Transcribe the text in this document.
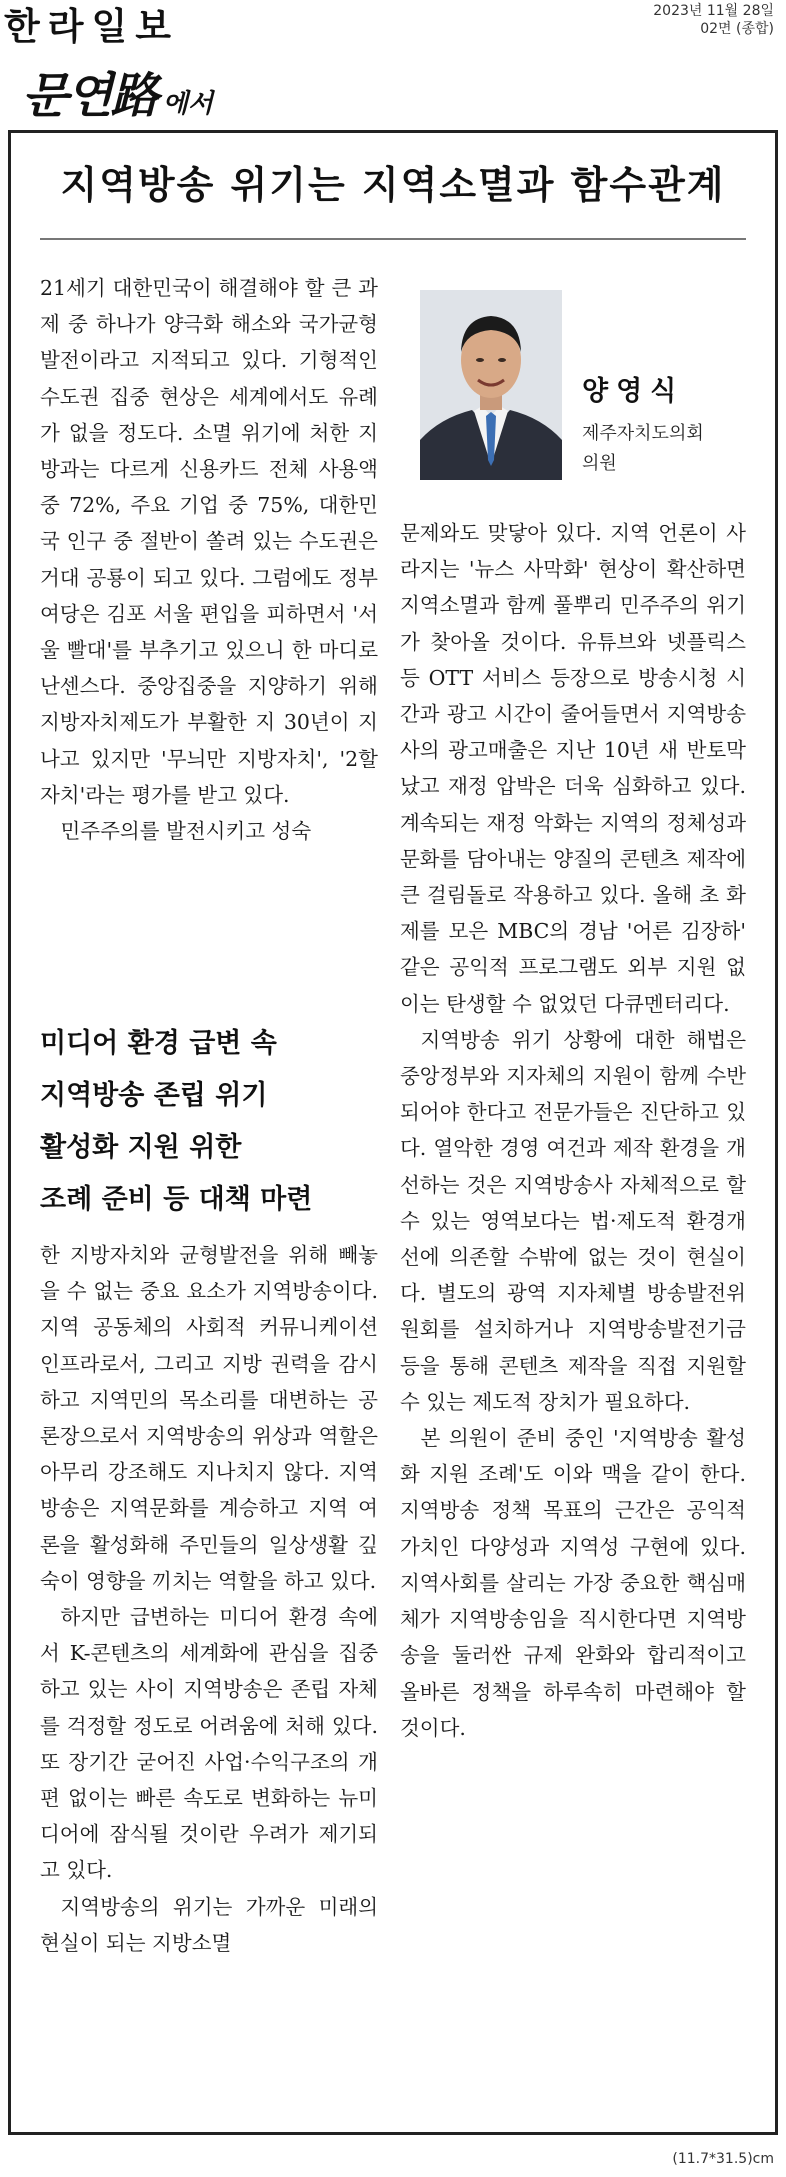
한라일보	2023년 11월 28일
02면 (종합)
문연路 에서
지역방송 위기는 지역소멸과 함수관계

21세기 대한민국이 해결해야 할 큰 과제 중 하나가 양극화 해소와 국가균형발전이라고 지적되고 있다. 기형적인 수도권 집중 현상은 세계에서도 유례가 없을 정도다. 소멸 위기에 처한 지방과는 다르게 신용카드 전체 사용액 중 72%, 주요 기업 중 75%, 대한민국 인구 중 절반이 쏠려 있는 수도권은 거대 공룡이 되고 있다. 그럼에도 정부 여당은 김포 서울 편입을 피하면서 '서울 빨대'를 부추기고 있으니 한 마디로 난센스다. 중앙집중을 지양하기 위해 지방자치제도가 부활한 지 30년이 지나고 있지만 '무늬만 지방자치', '2할 자치'라는 평가를 받고 있다.

민주주의를 발전시키고 성숙

미디어 환경 급변 속
지역방송 존립 위기
활성화 지원 위한
조례 준비 등 대책 마련

한 지방자치와 균형발전을 위해 빼놓을 수 없는 중요 요소가 지역방송이다. 지역 공동체의 사회적 커뮤니케이션 인프라로서, 그리고 지방 권력을 감시하고 지역민의 목소리를 대변하는 공론장으로서 지역방송의 위상과 역할은 아무리 강조해도 지나치지 않다. 지역방송은 지역문화를 계승하고 지역 여론을 활성화해 주민들의 일상생활 깊숙이 영향을 끼치는 역할을 하고 있다.

하지만 급변하는 미디어 환경 속에서 K-콘텐츠의 세계화에 관심을 집중하고 있는 사이 지역방송은 존립 자체를 걱정할 정도로 어려움에 처해 있다. 또 장기간 굳어진 사업·수익구조의 개편 없이는 빠른 속도로 변화하는 뉴미디어에 잠식될 것이란 우려가 제기되고 있다.

지역방송의 위기는 가까운 미래의 현실이 되는 지방소멸

양영식
제주자치도의회
의원

문제와도 맞닿아 있다. 지역 언론이 사라지는 '뉴스 사막화' 현상이 확산하면 지역소멸과 함께 풀뿌리 민주주의 위기가 찾아올 것이다. 유튜브와 넷플릭스 등 OTT 서비스 등장으로 방송시청 시간과 광고 시간이 줄어들면서 지역방송사의 광고매출은 지난 10년 새 반토막 났고 재정 압박은 더욱 심화하고 있다. 계속되는 재정 악화는 지역의 정체성과 문화를 담아내는 양질의 콘텐츠 제작에 큰 걸림돌로 작용하고 있다. 올해 초 화제를 모은 MBC의 경남 '어른 김장하' 같은 공익적 프로그램도 외부 지원 없이는 탄생할 수 없었던 다큐멘터리다.

지역방송 위기 상황에 대한 해법은 중앙정부와 지자체의 지원이 함께 수반되어야 한다고 전문가들은 진단하고 있다. 열악한 경영 여건과 제작 환경을 개선하는 것은 지역방송사 자체적으로 할 수 있는 영역보다는 법·제도적 환경개선에 의존할 수밖에 없는 것이 현실이다. 별도의 광역 지자체별 방송발전위원회를 설치하거나 지역방송발전기금 등을 통해 콘텐츠 제작을 직접 지원할 수 있는 제도적 장치가 필요하다.

본 의원이 준비 중인 '지역방송 활성화 지원 조례'도 이와 맥을 같이 한다. 지역방송 정책 목표의 근간은 공익적 가치인 다양성과 지역성 구현에 있다. 지역사회를 살리는 가장 중요한 핵심매체가 지역방송임을 직시한다면 지역방송을 둘러싼 규제 완화와 합리적이고 올바른 정책을 하루속히 마련해야 할 것이다.

(11.7*31.5)cm
